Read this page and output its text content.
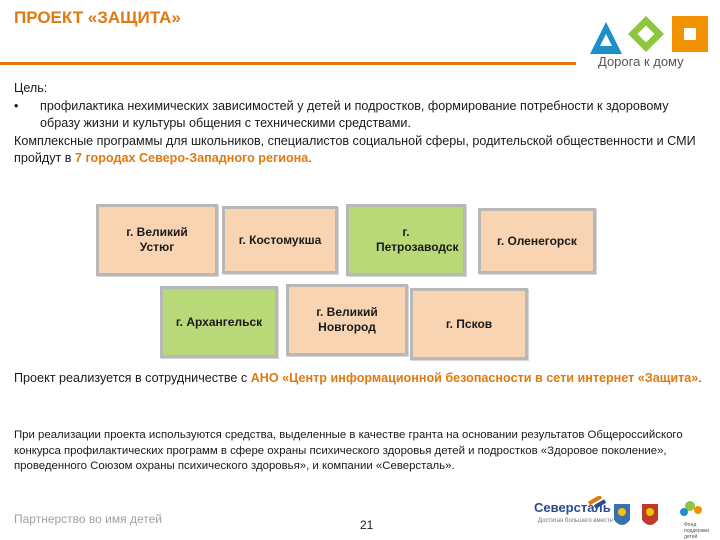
ПРОЕКТ «ЗАЩИТА»
Дорога к дому
Цель:
•	профилактика нехимических зависимостей у детей и подростков, формирование потребности к здоровому образу жизни и культуры общения с техническими средствами.
Комплексные программы для школьников, специалистов социальной сферы, родительской общественности и СМИ пройдут в 7 городах Северо-Западного региона.
г. Великий Устюг
г. Костомукша
г. Петрозаводск	г. Оленегорск
г. Архангельск
г. Великий Новгород	г. Псков
Проект реализуется в сотрудничестве с АНО «Центр информационной безопасности в сети интернет «Защита».
При реализации проекта используются средства, выделенные в качестве гранта на основании результатов Общероссийского конкурса профилактических программ в сфере охраны психического здоровья детей и подростков «Здоровое поколение», проведенного Союзом охраны психического здоровья», и компании «Северсталь».
Партнерство во имя детей	21
Северсталь
Достигая большего вместе
Фонд поддержки детей
